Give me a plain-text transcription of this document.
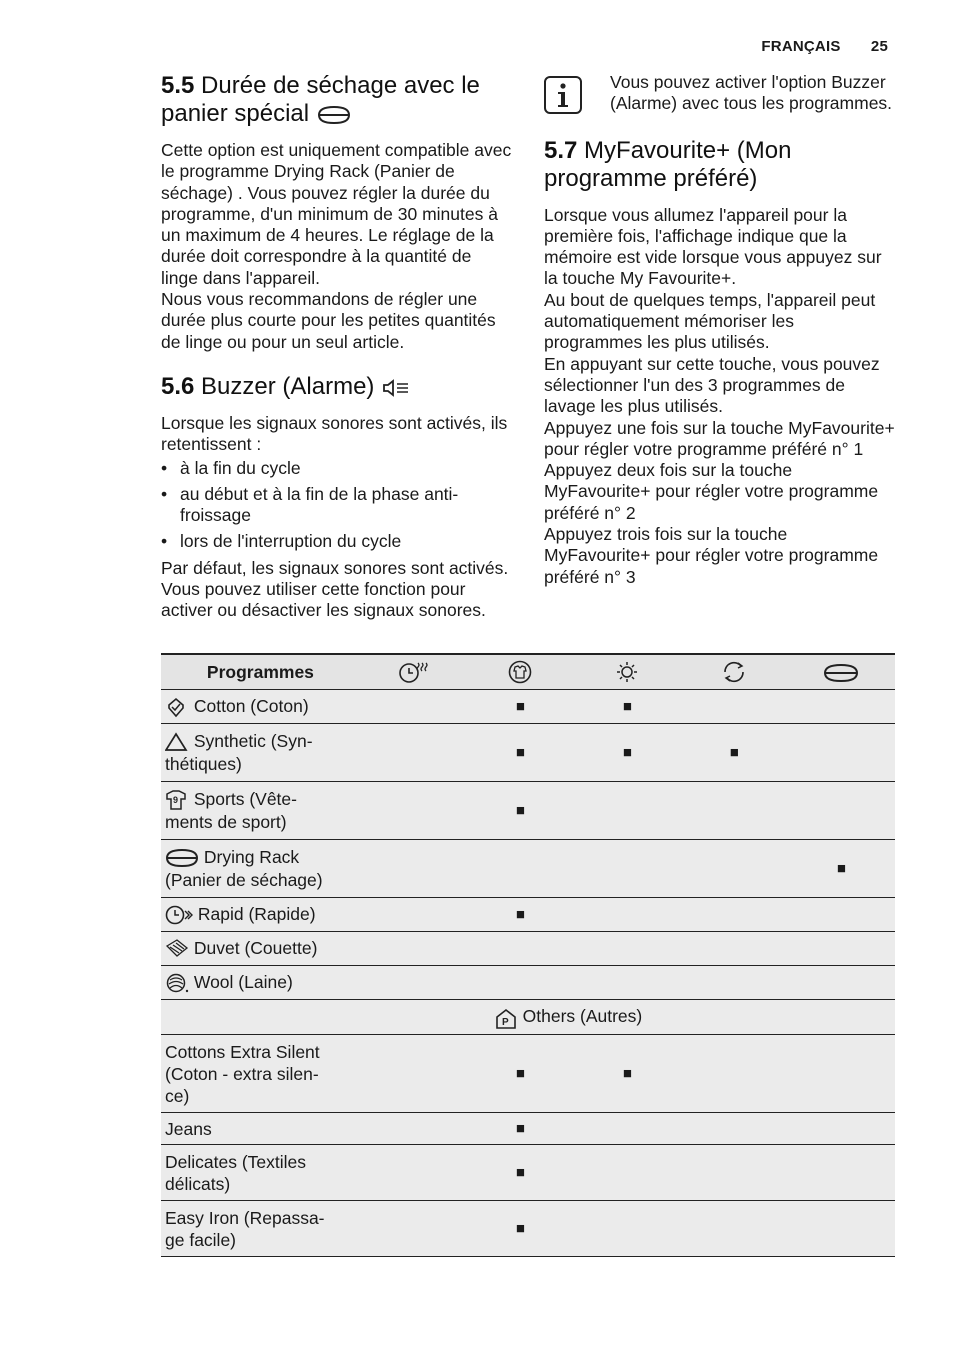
FRANÇAIS 25
5.5 Durée de séchage avec le panier spécial

Cette option est uniquement compatible avec le programme Drying Rack (Panier de séchage) . Vous pouvez régler la durée du programme, d'un minimum de 30 minutes à un maximum de 4 heures. Le réglage de la durée doit correspondre à la quantité de linge dans l'appareil.

Nous vous recommandons de régler une durée plus courte pour les petites quantités de linge ou pour un seul article.

5.6 Buzzer (Alarme)

Lorsque les signaux sonores sont activés, ils retentissent :

• à la fin du cycle
• au début et à la fin de la phase anti-froissage
• lors de l'interruption du cycle

Par défaut, les signaux sonores sont activés. Vous pouvez utiliser cette fonction pour activer ou désactiver les signaux sonores.

Vous pouvez activer l'option Buzzer (Alarme) avec tous les programmes.
5.7 MyFavourite+ (Mon programme préféré)

Lorsque vous allumez l'appareil pour la première fois, l'affichage indique que la mémoire est vide lorsque vous appuyez sur la touche My Favourite+.

Au bout de quelques temps, l'appareil peut automatiquement mémoriser les programmes les plus utilisés.

En appuyant sur cette touche, vous pouvez sélectionner l'un des 3 programmes de lavage les plus utilisés.

Appuyez une fois sur la touche MyFavourite+ pour régler votre programme préféré n° 1

Appuyez deux fois sur la touche MyFavourite+ pour régler votre programme préféré n° 2

Appuyez trois fois sur la touche MyFavourite+ pour régler votre programme préféré n° 3

Programmes					
Cotton (Coton)		■	■		
Synthetic (Syn-
thétiques)		■	■	■	

9 Sports (Vête-
ments de sport)		■			
Drying Rack
(Panier de séchage)					■
Rapid (Rapide)		■			
Duvet (Couette)					
Wool (Laine)					

P Others (Autres)					
Cottons Extra Silent
(Coton - extra silen-
ce)		■	■		
Jeans		■			
Delicates (Textiles
délicats)		■			
Easy Iron (Repassa-
ge facile)		■			
